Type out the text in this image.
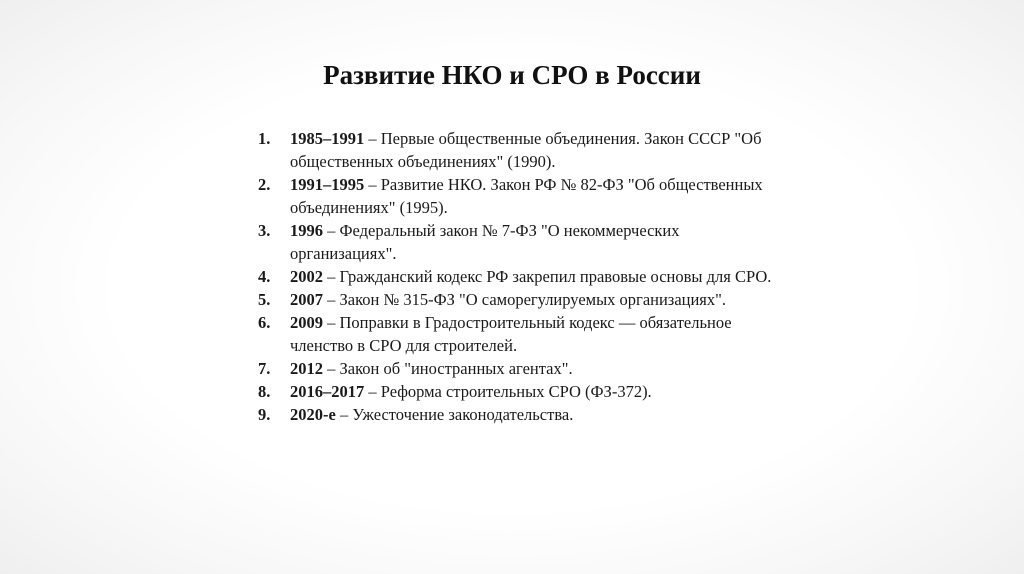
Развитие НКО и СРО в России
1. 1985–1991 – Первые общественные объединения. Закон СССР "Об общественных объединениях" (1990).
2. 1991–1995 – Развитие НКО. Закон РФ № 82-ФЗ "Об общественных объединениях" (1995).
3. 1996 – Федеральный закон № 7-ФЗ "О некоммерческих организациях".
4. 2002 – Гражданский кодекс РФ закрепил правовые основы для СРО.
5. 2007 – Закон № 315-ФЗ "О саморегулируемых организациях".
6. 2009 – Поправки в Градостроительный кодекс — обязательное членство в СРО для строителей.
7. 2012 – Закон об "иностранных агентах".
8. 2016–2017 – Реформа строительных СРО (ФЗ-372).
9. 2020-е – Ужесточение законодательства.
